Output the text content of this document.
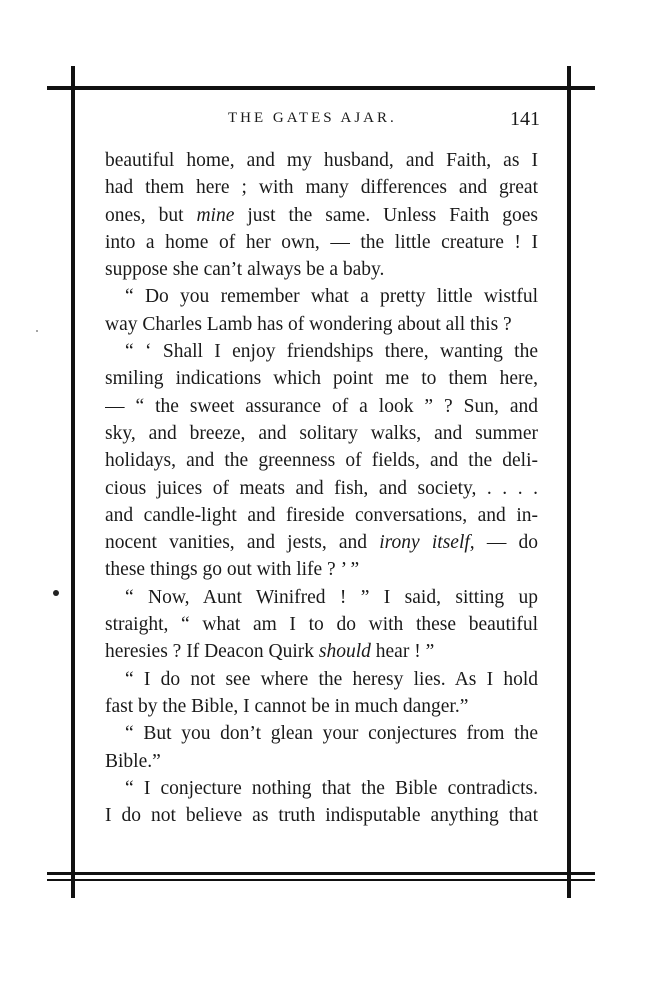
THE GATES AJAR.	141
beautiful home, and my husband, and Faith, as I
had them here ; with many differences and great
ones, but mine just the same. Unless Faith goes
into a home of her own, — the little creature ! I
suppose she can’t always be a baby.
“ Do you remember what a pretty little wistful
way Charles Lamb has of wondering about all this ?
“ ‘ Shall I enjoy friendships there, wanting the
smiling indications which point me to them here,
— “ the sweet assurance of a look ” ? Sun, and
sky, and breeze, and solitary walks, and summer
holidays, and the greenness of fields, and the deli-
cious juices of meats and fish, and society, . . . .
and candle-light and fireside conversations, and in-
nocent vanities, and jests, and irony itself, — do
these things go out with life ? ’ ”
“ Now, Aunt Winifred ! ” I said, sitting up
straight, “ what am I to do with these beautiful
heresies ? If Deacon Quirk should hear ! ”
“ I do not see where the heresy lies. As I hold
fast by the Bible, I cannot be in much danger.”
“ But you don’t glean your conjectures from the
Bible.”
“ I conjecture nothing that the Bible contradicts.
I do not believe as truth indisputable anything that
